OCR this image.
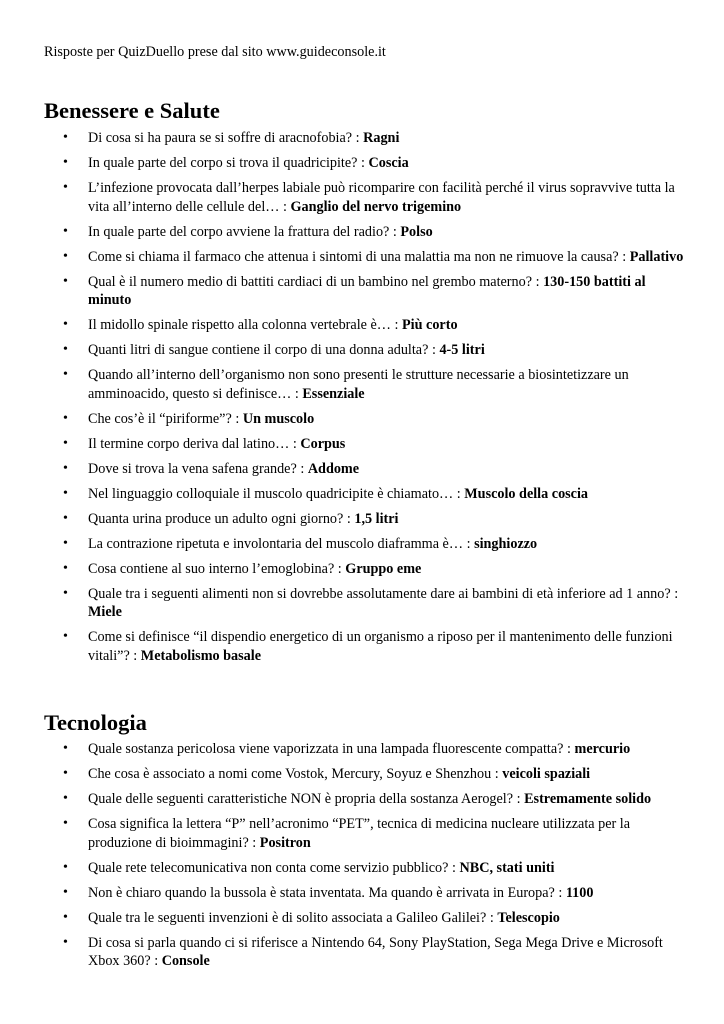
Risposte per QuizDuello prese dal sito www.guideconsole.it
Benessere e Salute
• Di cosa si ha paura se si soffre di aracnofobia? : Ragni
• In quale parte del corpo si trova il quadricipite? : Coscia
• L’infezione provocata dall’herpes labiale può ricomparire con facilità perché il virus sopravvive tutta la vita all’interno delle cellule del… : Ganglio del nervo trigemino
• In quale parte del corpo avviene la frattura del radio? : Polso
• Come si chiama il farmaco che attenua i sintomi di una malattia ma non ne rimuove la causa? : Pallativo
• Qual è il numero medio di battiti cardiaci di un bambino nel grembo materno? : 130-150 battiti al minuto
• Il midollo spinale rispetto alla colonna vertebrale è… : Più corto
• Quanti litri di sangue contiene il corpo di una donna adulta? : 4-5 litri
• Quando all’interno dell’organismo non sono presenti le strutture necessarie a biosintetizzare un amminoacido, questo si definisce… : Essenziale
• Che cos’è il “piriforme”? : Un muscolo
• Il termine corpo deriva dal latino… : Corpus
• Dove si trova la vena safena grande? : Addome
• Nel linguaggio colloquiale il muscolo quadricipite è chiamato… : Muscolo della coscia
• Quanta urina produce un adulto ogni giorno? : 1,5 litri
• La contrazione ripetuta e involontaria del muscolo diaframma è… : singhiozzo
• Cosa contiene al suo interno l’emoglobina? : Gruppo eme
• Quale tra i seguenti alimenti non si dovrebbe assolutamente dare ai bambini di età inferiore ad 1 anno? : Miele
• Come si definisce “il dispendio energetico di un organismo a riposo per il mantenimento delle funzioni vitali”? : Metabolismo basale
Tecnologia
• Quale sostanza pericolosa viene vaporizzata in una lampada fluorescente compatta? : mercurio
• Che cosa è associato a nomi come Vostok, Mercury, Soyuz e Shenzhou : veicoli spaziali
• Quale delle seguenti caratteristiche NON è propria della sostanza Aerogel? : Estremamente solido
• Cosa significa la lettera “P” nell’acronimo “PET”, tecnica di medicina nucleare utilizzata per la produzione di bioimmagini? : Positron
• Quale rete telecomunicativa non conta come servizio pubblico? : NBC, stati uniti
• Non è chiaro quando la bussola è stata inventata. Ma quando è arrivata in Europa? : 1100
• Quale tra le seguenti invenzioni è di solito associata a Galileo Galilei? : Telescopio
• Di cosa si parla quando ci si riferisce a Nintendo 64, Sony PlayStation, Sega Mega Drive e Microsoft Xbox 360? : Console
